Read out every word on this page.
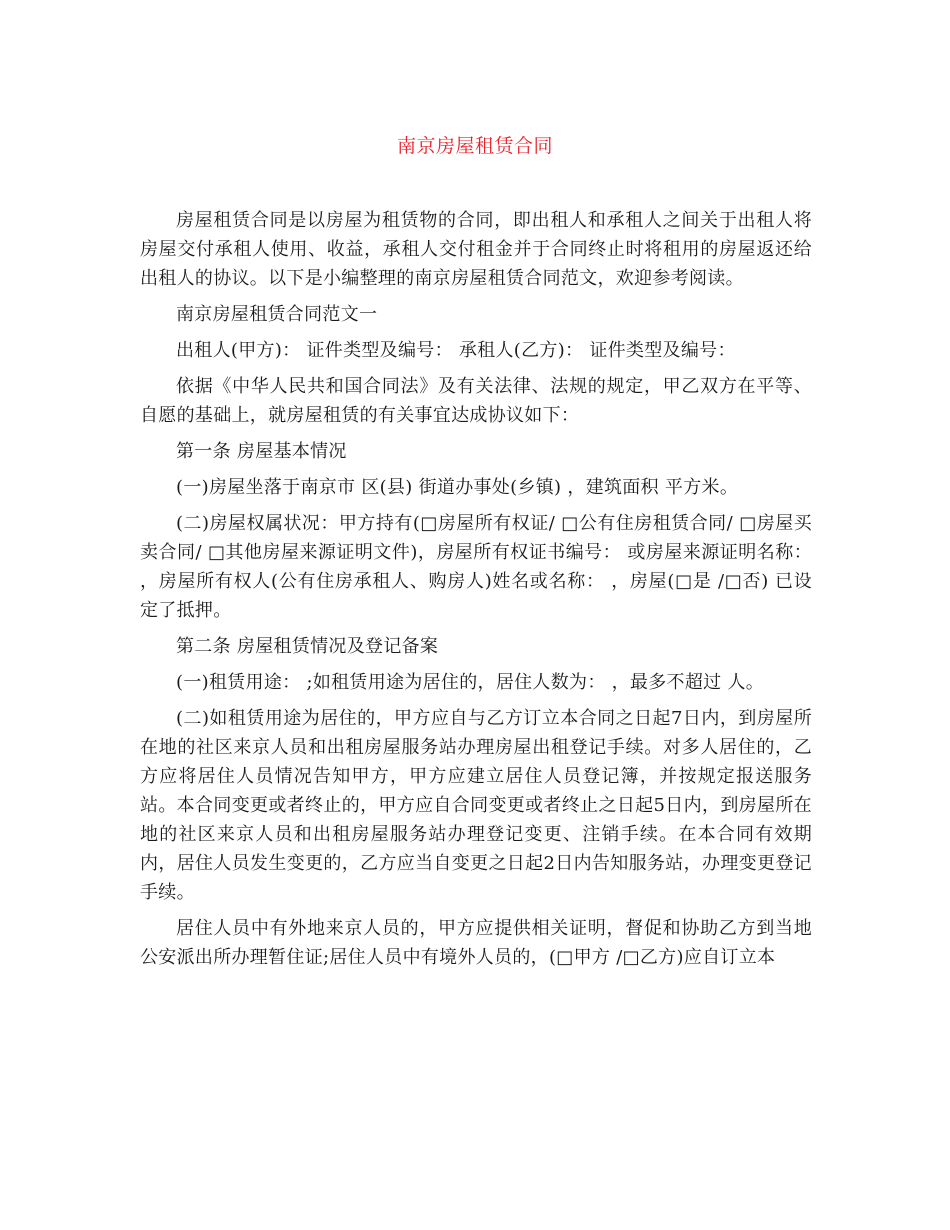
南京房屋租赁合同

房屋租赁合同是以房屋为租赁物的合同，即出租人和承租人之间关于出租人将房屋交付承租人使用、收益，承租人交付租金并于合同终止时将租用的房屋返还给出租人的协议。以下是小编整理的南京房屋租赁合同范文，欢迎参考阅读。

南京房屋租赁合同范文一

出租人(甲方)： 证件类型及编号： 承租人(乙方)： 证件类型及编号：

依据《中华人民共和国合同法》及有关法律、法规的规定，甲乙双方在平等、自愿的基础上，就房屋租赁的有关事宜达成协议如下：

第一条 房屋基本情况

(一)房屋坐落于南京市 区(县) 街道办事处(乡镇) ，建筑面积 平方米。

(二)房屋权属状况：甲方持有(□房屋所有权证/ □公有住房租赁合同/ □房屋买卖合同/ □其他房屋来源证明文件)，房屋所有权证书编号： 或房屋来源证明名称： ，房屋所有权人(公有住房承租人、购房人)姓名或名称： ，房屋(□是 /□否) 已设定了抵押。

第二条 房屋租赁情况及登记备案

(一)租赁用途： ;如租赁用途为居住的，居住人数为： ，最多不超过 人。

(二)如租赁用途为居住的，甲方应自与乙方订立本合同之日起7日内，到房屋所在地的社区来京人员和出租房屋服务站办理房屋出租登记手续。对多人居住的，乙方应将居住人员情况告知甲方，甲方应建立居住人员登记簿，并按规定报送服务站。本合同变更或者终止的，甲方应自合同变更或者终止之日起5日内，到房屋所在地的社区来京人员和出租房屋服务站办理登记变更、注销手续。在本合同有效期内，居住人员发生变更的，乙方应当自变更之日起2日内告知服务站，办理变更登记手续。

居住人员中有外地来京人员的，甲方应提供相关证明，督促和协助乙方到当地公安派出所办理暂住证;居住人员中有境外人员的，(□甲方 /□乙方)应自订立本
